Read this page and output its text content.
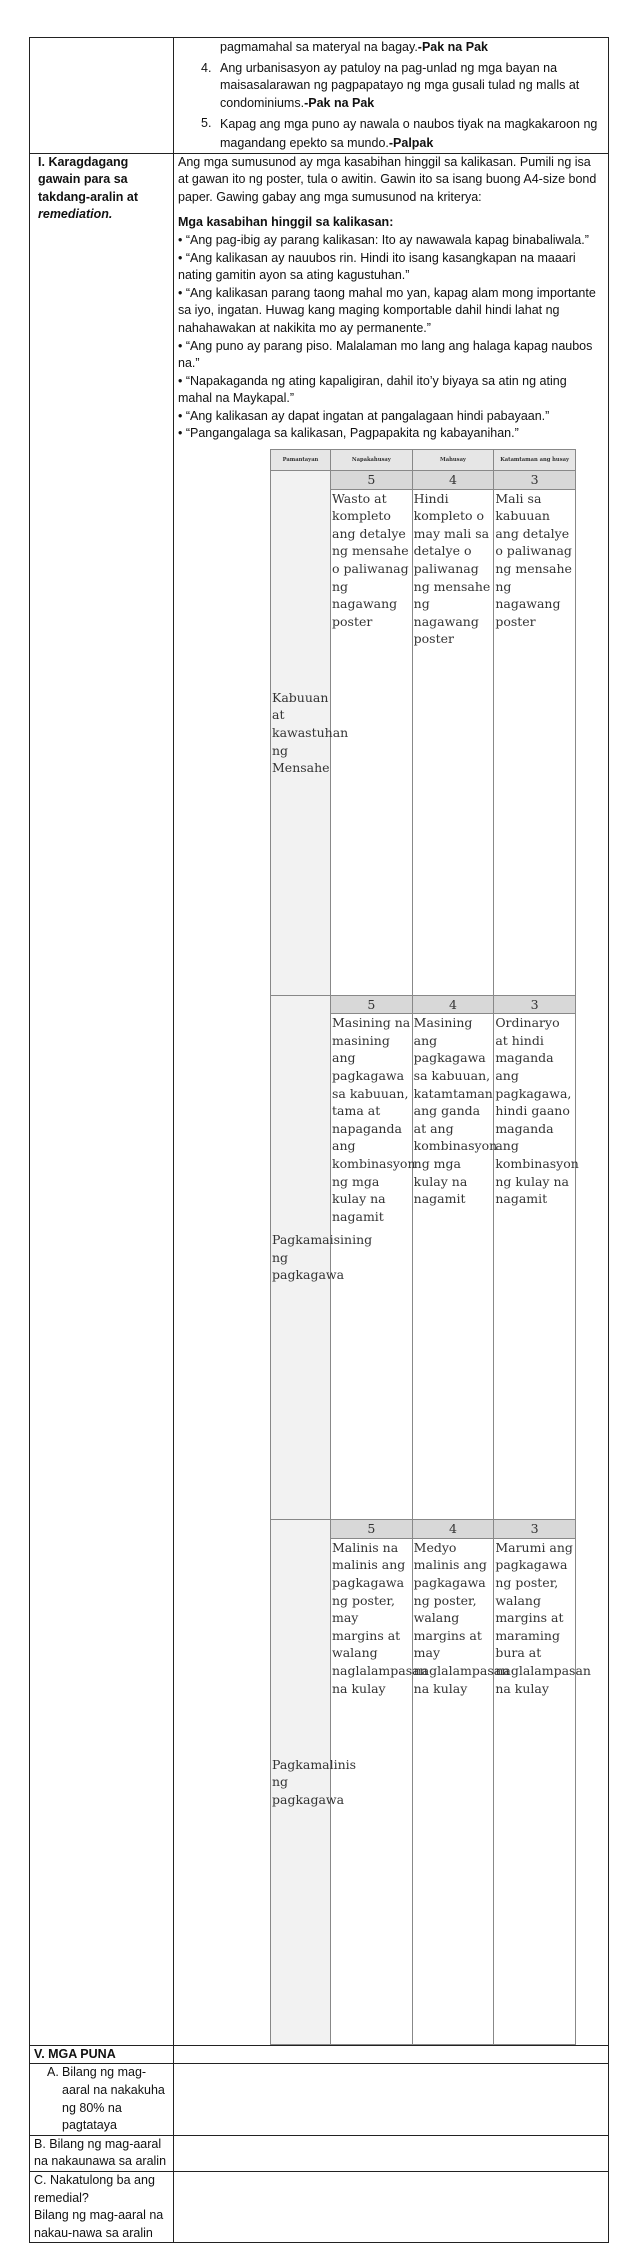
pagmamahal sa materyal na bagay.-Pak na Pak
4. Ang urbanisasyon ay patuloy na pag-unlad ng mga bayan na maisasalarawan ng pagpapatayo ng mga gusali tulad ng malls at condominiums.-Pak na Pak
5. Kapag ang mga puno ay nawala o naubos tiyak na magkakaroon ng magandang epekto sa mundo.-Palpak

I. Karagdagang gawain para sa takdang-aralin at remediation.	

Ang mga sumusunod ay mga kasabihan hinggil sa kalikasan. Pumili ng isa at gawan ito ng poster, tula o awitin. Gawin ito sa isang buong A4-size bond paper. Gawing gabay ang mga sumusunod na kriterya:

Mga kasabihan hinggil sa kalikasan:

• “Ang pag-ibig ay parang kalikasan: Ito ay nawawala kapag binabaliwala.”

• “Ang kalikasan ay nauubos rin. Hindi ito isang kasangkapan na maaari nating gamitin ayon sa ating kagustuhan.”

• “Ang kalikasan parang taong mahal mo yan, kapag alam mong importante sa iyo, ingatan. Huwag kang maging komportable dahil hindi lahat ng nahahawakan at nakikita mo ay permanente.”

• “Ang puno ay parang piso. Malalaman mo lang ang halaga kapag naubos na.”

• “Napakaganda ng ating kapaligiran, dahil ito’y biyaya sa atin ng ating mahal na Maykapal.”

• “Ang kalikasan ay dapat ingatan at pangalagaan hindi pabayaan.”

• “Pangangalaga sa kalikasan, Pagpapakita ng kabayanihan.”

Pamantayan	Napakahusay	Mahusay	Katamtaman ang husay
Kabuuan at kawastuhan ng Mensahe	5	4	3
Wasto at kompleto ang detalye ng mensahe o paliwanag ng nagawang poster	Hindi kompleto o may mali sa detalye o paliwanag ng mensahe ng nagawang poster	Mali sa kabuuan ang detalye o paliwanag ng mensahe ng nagawang poster
Pagkamaisining ng pagkagawa	5	4	3
Masining na masining ang pagkagawa sa kabuuan, tama at napaganda ang kombinasyon ng mga kulay na nagamit	Masining ang pagkagawa sa kabuuan, katamtaman ang ganda at ang kombinasyon ng mga kulay na nagamit	Ordinaryo at hindi maganda ang pagkagawa, hindi gaano maganda ang kombinasyon ng kulay na nagamit
Pagkamalinis ng pagkagawa	5	4	3
Malinis na malinis ang pagkagawa ng poster, may margins at walang naglalampasan na kulay	Medyo malinis ang pagkagawa ng poster, walang margins at may naglalampasan na kulay	Marumi ang pagkagawa ng poster, walang margins at maraming bura at naglalampasan na kulay

V. MGA PUNA	

A. Bilang ng mag-aaral na nakakuha ng 80% na pagtataya

B. Bilang ng mag-aaral na nakaunawa sa aralin	

C. Nakatulong ba ang remedial?
Bilang ng mag-aaral na nakau-nawa sa aralin
